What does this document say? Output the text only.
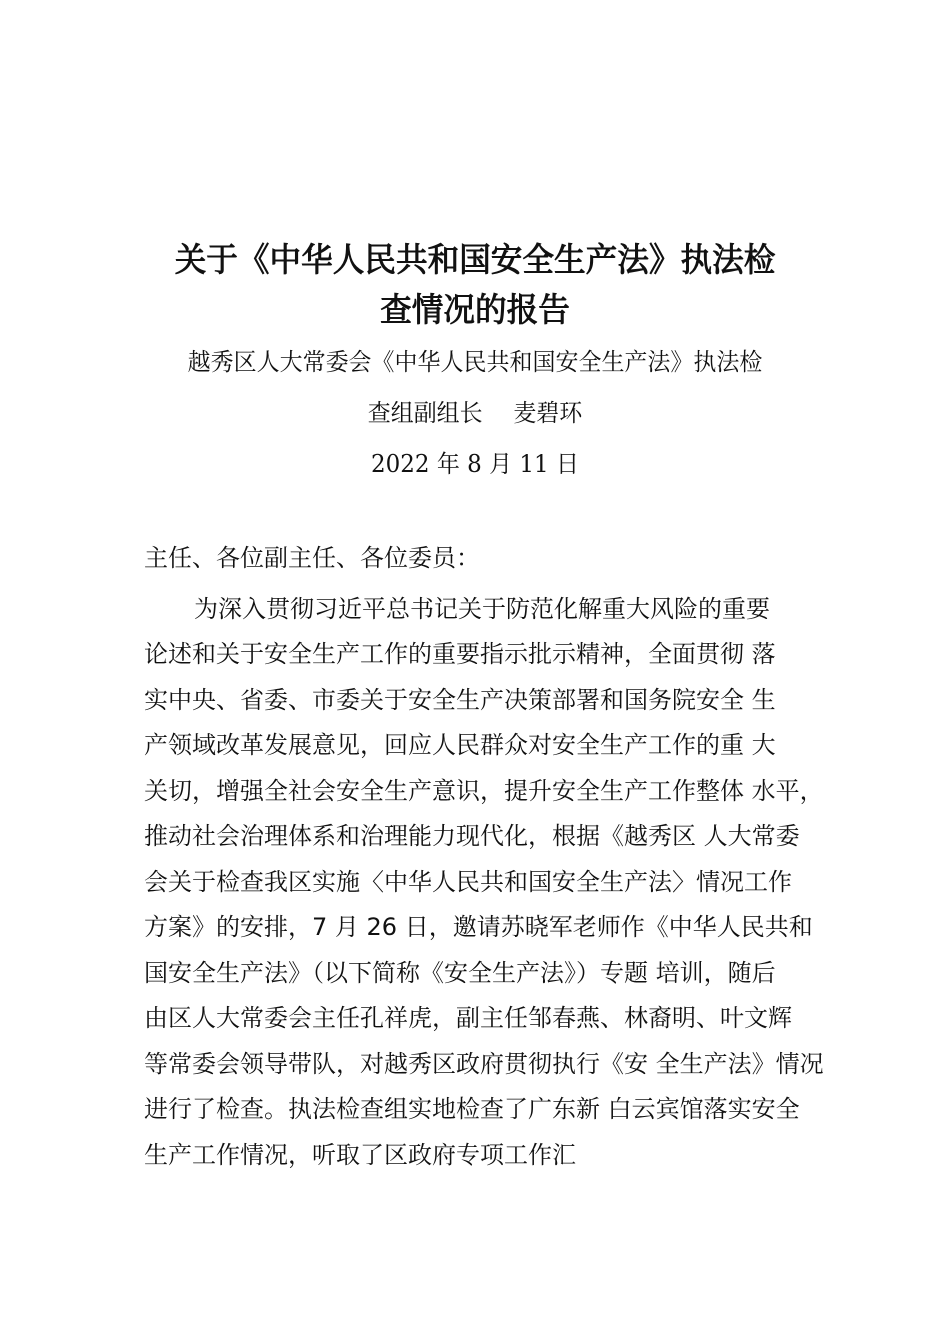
关于《中华人民共和国安全生产法》执法检
查情况的报告
越秀区人大常委会《中华人民共和国安全生产法》执法检
查组副组长 麦碧环
2022 年 8 月 11 日
主任、各位副主任、各位委员：
为深入贯彻习近平总书记关于防范化解重大风险的重要
论述和关于安全生产工作的重要指示批示精神，全面贯彻 落
实中央、省委、市委关于安全生产决策部署和国务院安全 生
产领域改革发展意见，回应人民群众对安全生产工作的重 大
关切，增强全社会安全生产意识，提升安全生产工作整体 水平，
推动社会治理体系和治理能力现代化，根据《越秀区 人大常委
会关于检查我区实施〈中华人民共和国安全生产法〉情况工作
方案》的安排，7 月 26 日，邀请苏晓军老师作《中华人民共和
国安全生产法》（以下简称《安全生产法》）专题 培训，随后
由区人大常委会主任孔祥虎，副主任邹春燕、林裔明、叶文辉
等常委会领导带队，对越秀区政府贯彻执行《安 全生产法》情况
进行了检查。执法检查组实地检查了广东新 白云宾馆落实安全
生产工作情况，听取了区政府专项工作汇
